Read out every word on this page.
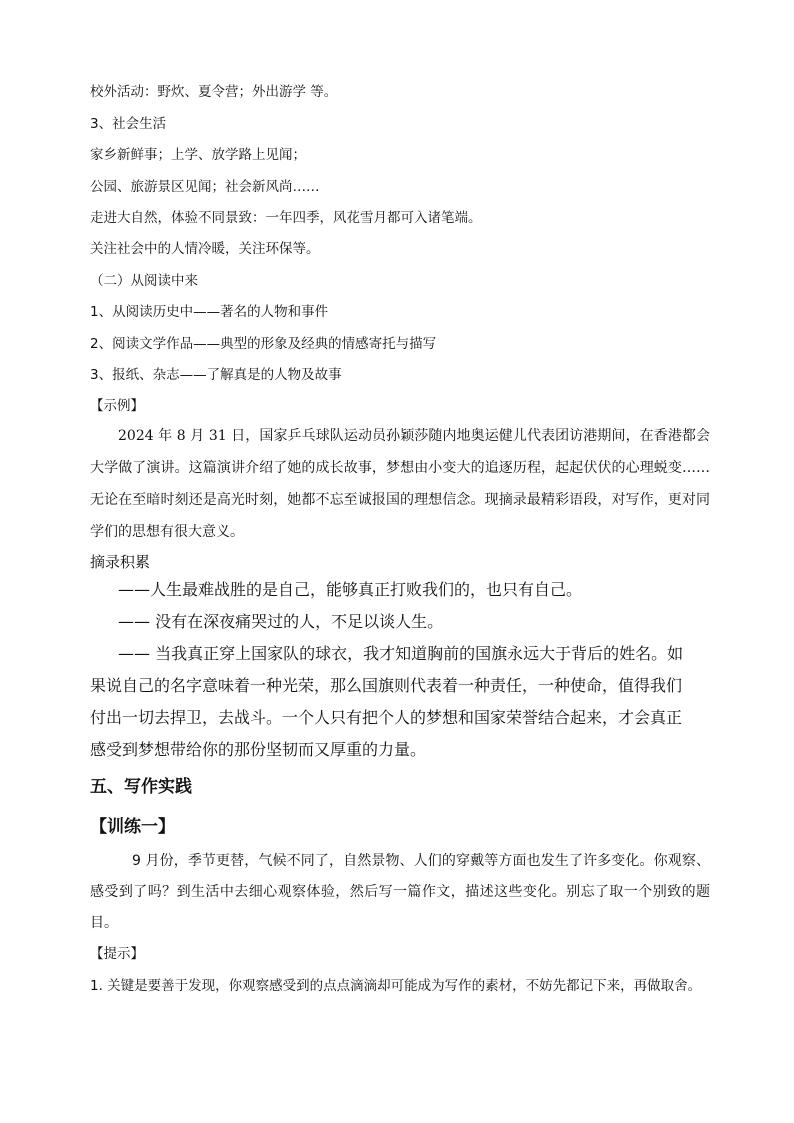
校外活动：野炊、夏令营；外出游学 等。
3、社会生活
家乡新鲜事；上学、放学路上见闻；
公园、旅游景区见闻；社会新风尚……
走进大自然，体验不同景致：一年四季，风花雪月都可入诸笔端。
关注社会中的人情冷暖，关注环保等。
（二）从阅读中来
1、从阅读历史中——著名的人物和事件
2、阅读文学作品——典型的形象及经典的情感寄托与描写
3、报纸、杂志——了解真是的人物及故事
【示例】
2024 年 8 月 31 日，国家乒乓球队运动员孙颖莎随内地奥运健儿代表团访港期间，在香港都会大学做了演讲。这篇演讲介绍了她的成长故事，梦想由小变大的追逐历程，起起伏伏的心理蜕变……无论在至暗时刻还是高光时刻，她都不忘至诚报国的理想信念。现摘录最精彩语段，对写作，更对同学们的思想有很大意义。
摘录积累
——人生最难战胜的是自己，能够真正打败我们的，也只有自己。
—— 没有在深夜痛哭过的人，不足以谈人生。
—— 当我真正穿上国家队的球衣，我才知道胸前的国旗永远大于背后的姓名。如果说自己的名字意味着一种光荣，那么国旗则代表着一种责任，一种使命，值得我们付出一切去捍卫，去战斗。一个人只有把个人的梦想和国家荣誉结合起来，才会真正感受到梦想带给你的那份坚韧而又厚重的力量。
五、写作实践
【训练一】
9 月份，季节更替，气候不同了，自然景物、人们的穿戴等方面也发生了许多变化。你观察、感受到了吗？到生活中去细心观察体验，然后写一篇作文，描述这些变化。别忘了取一个别致的题目。
【提示】
1. 关键是要善于发现，你观察感受到的点点滴滴却可能成为写作的素材，不妨先都记下来，再做取舍。
